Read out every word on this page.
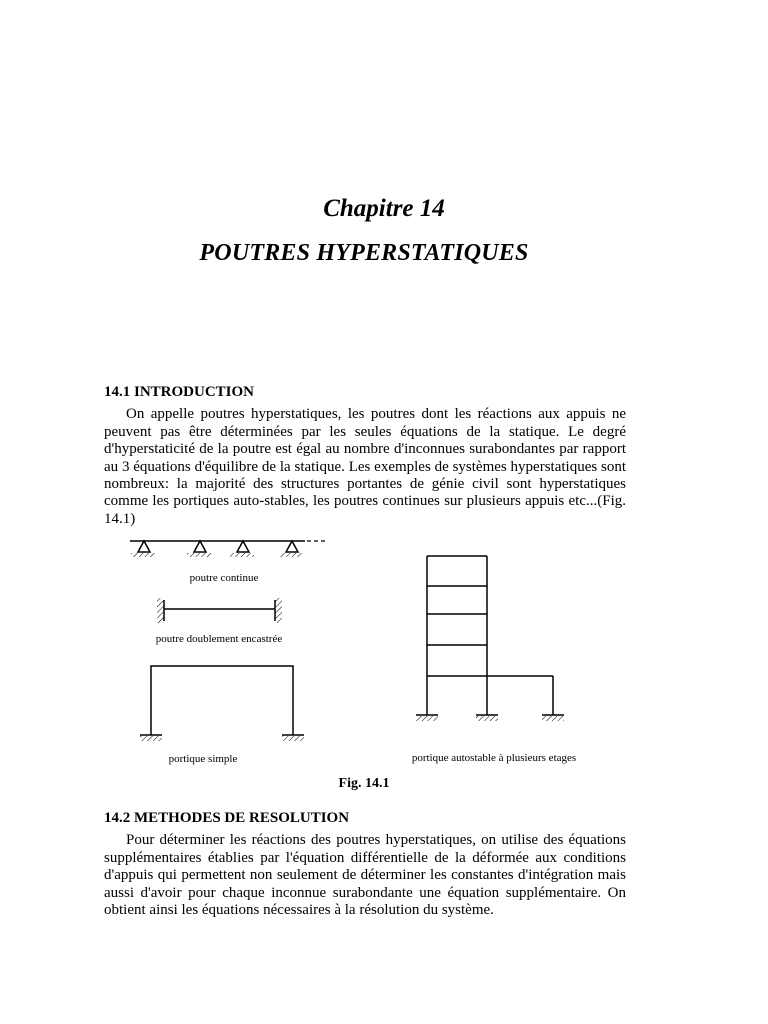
Chapitre 14
POUTRES HYPERSTATIQUES
14.1 INTRODUCTION

On appelle poutres hyperstatiques, les poutres dont les réactions aux appuis ne peuvent pas être déterminées par les seules équations de la statique. Le degré d'hyperstaticité de la poutre est égal au nombre d'inconnues surabondantes par rapport au 3 équations d'équilibre de la statique. Les exemples de systèmes hyperstatiques sont nombreux: la majorité des structures portantes de génie civil sont hyperstatiques comme les portiques auto-stables, les poutres continues sur plusieurs appuis etc...(Fig. 14.1)

poutre continue
poutre doublement encastrée
portique simple	portique autostable à plusieurs etages
Fig. 14.1
14.2 METHODES DE RESOLUTION

Pour déterminer les réactions des poutres hyperstatiques, on utilise des équations supplémentaires établies par l'équation différentielle de la déformée aux conditions d'appuis qui permettent non seulement de déterminer les constantes d'intégration mais aussi d'avoir pour chaque inconnue surabondante une équation supplémentaire. On obtient ainsi les équations nécessaires à la résolution du système.
